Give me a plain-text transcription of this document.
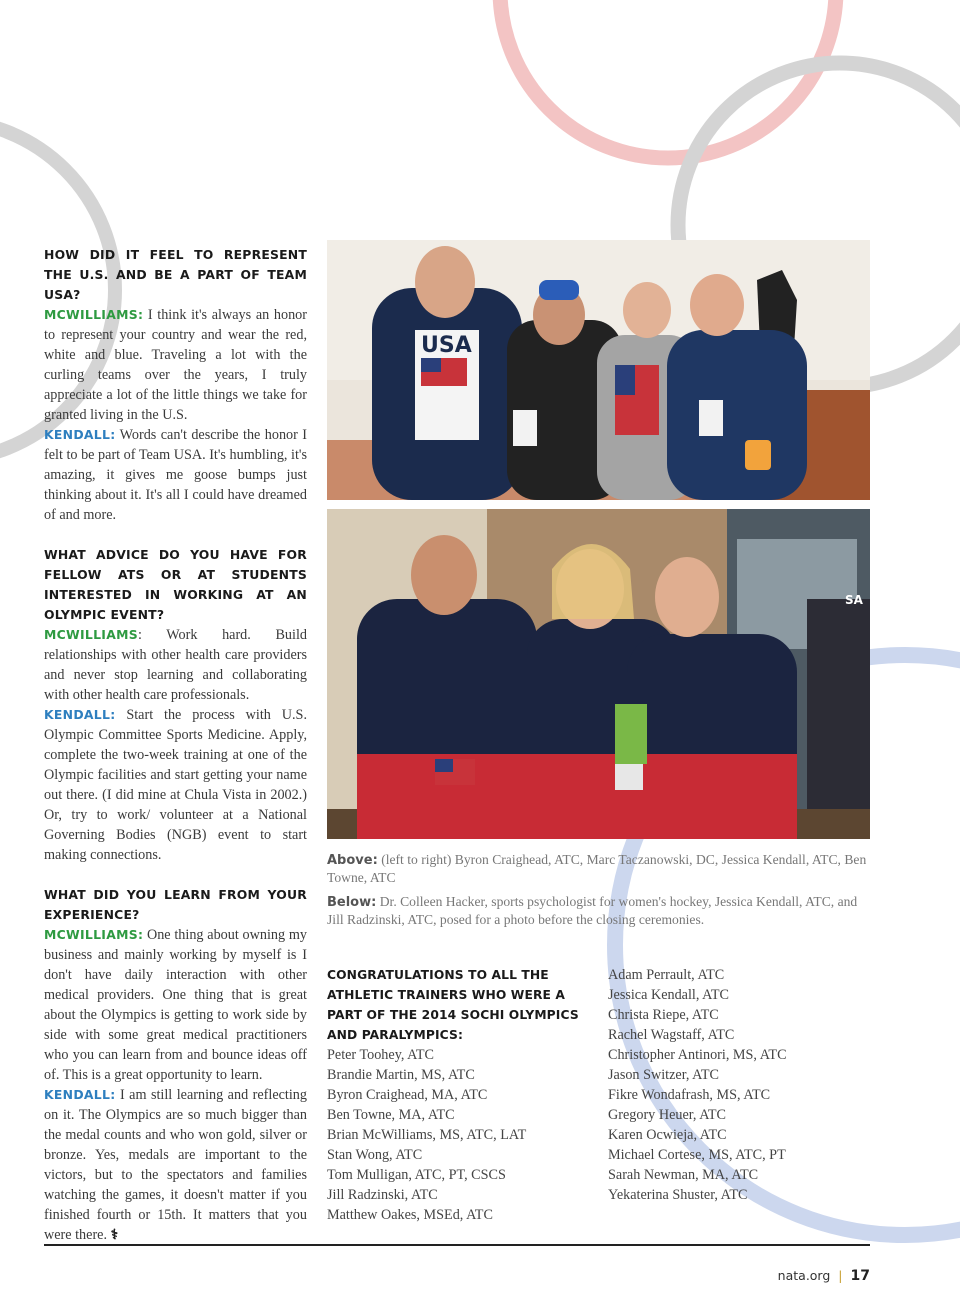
HOW DID IT FEEL TO REPRESENT THE U.S. AND BE A PART OF TEAM USA?

MCWILLIAMS: I think it's always an honor to represent your country and wear the red, white and blue. Traveling a lot with the curling teams over the years, I truly appreciate a lot of the little things we take for granted living in the U.S.

KENDALL: Words can't describe the honor I felt to be part of Team USA. It's humbling, it's amazing, it gives me goose bumps just thinking about it. It's all I could have dreamed of and more.

WHAT ADVICE DO YOU HAVE FOR FELLOW ATS OR AT STUDENTS INTERESTED IN WORKING AT AN OLYMPIC EVENT?

MCWILLIAMS: Work hard. Build relationships with other health care providers and never stop learning and collaborating with other health care professionals.

KENDALL: Start the process with U.S. Olympic Committee Sports Medicine. Apply, complete the two-week training at one of the Olympic facilities and start getting your name out there. (I did mine at Chula Vista in 2002.) Or, try to work/ volunteer at a National Governing Bodies (NGB) event to start making connections.

WHAT DID YOU LEARN FROM YOUR EXPERIENCE?

MCWILLIAMS: One thing about owning my business and mainly working by myself is I don't have daily interaction with other medical providers. One thing that is great about the Olympics is getting to work side by side with some great medical practitioners who you can learn from and bounce ideas off of. This is a great opportunity to learn.

KENDALL: I am still learning and reflecting on it. The Olympics are so much bigger than the medal counts and who won gold, silver or bronze. Yes, medals are important to the victors, but to the spectators and families watching the games, it doesn't matter if you finished fourth or 15th. It matters that you were there. ⚕

USA
SA

Above: (left to right) Byron Craighead, ATC, Marc Taczanowski, DC, Jessica Kendall, ATC, Ben Towne, ATC

Below: Dr. Colleen Hacker, sports psychologist for women's hockey, Jessica Kendall, ATC, and Jill Radzinski, ATC, posed for a photo before the closing ceremonies.

CONGRATULATIONS TO ALL THE ATHLETIC TRAINERS WHO WERE A PART OF THE 2014 SOCHI OLYMPICS AND PARALYMPICS:
Peter Toohey, ATC
Brandie Martin, MS, ATC
Byron Craighead, MA, ATC
Ben Towne, MA, ATC
Brian McWilliams, MS, ATC, LAT
Stan Wong, ATC
Tom Mulligan, ATC, PT, CSCS
Jill Radzinski, ATC
Matthew Oakes, MSEd, ATC
Adam Perrault, ATC
Jessica Kendall, ATC
Christa Riepe, ATC
Rachel Wagstaff, ATC
Christopher Antinori, MS, ATC
Jason Switzer, ATC
Fikre Wondafrash, MS, ATC
Gregory Heuer, ATC
Karen Ocwieja, ATC
Michael Cortese, MS, ATC, PT
Sarah Newman, MA, ATC
Yekaterina Shuster, ATC
nata.org | 17
